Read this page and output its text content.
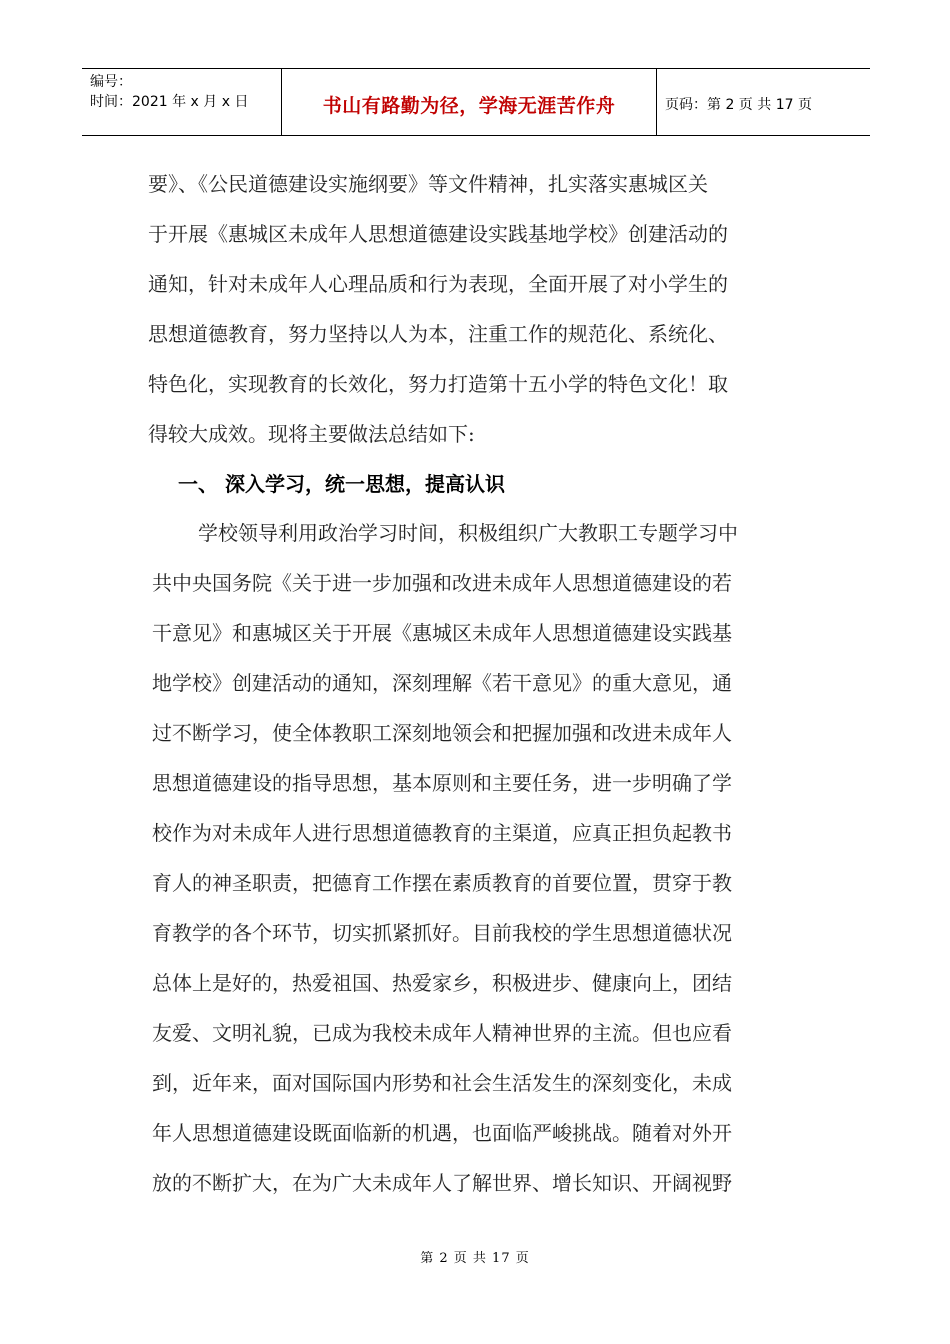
编号：
时间：2021 年 x 月 x 日	书山有路勤为径，学海无涯苦作舟	页码：第 2 页 共 17 页
要》、《公民道德建设实施纲要》等文件精神，扎实落实惠城区关
于开展《惠城区未成年人思想道德建设实践基地学校》创建活动的
通知，针对未成年人心理品质和行为表现，全面开展了对小学生的
思想道德教育，努力坚持以人为本，注重工作的规范化、系统化、
特色化，实现教育的长效化，努力打造第十五小学的特色文化！取
得较大成效。现将主要做法总结如下:
一、 深入学习，统一思想，提高认识
学校领导利用政治学习时间，积极组织广大教职工专题学习中
共中央国务院《关于进一步加强和改进未成年人思想道德建设的若
干意见》和惠城区关于开展《惠城区未成年人思想道德建设实践基
地学校》创建活动的通知，深刻理解《若干意见》的重大意见，通
过不断学习，使全体教职工深刻地领会和把握加强和改进未成年人
思想道德建设的指导思想，基本原则和主要任务，进一步明确了学
校作为对未成年人进行思想道德教育的主渠道，应真正担负起教书
育人的神圣职责，把德育工作摆在素质教育的首要位置，贯穿于教
育教学的各个环节，切实抓紧抓好。目前我校的学生思想道德状况
总体上是好的，热爱祖国、热爱家乡，积极进步、健康向上，团结
友爱、文明礼貌，已成为我校未成年人精神世界的主流。但也应看
到，近年来，面对国际国内形势和社会生活发生的深刻变化，未成
年人思想道德建设既面临新的机遇，也面临严峻挑战。随着对外开
放的不断扩大，在为广大未成年人了解世界、增长知识、开阔视野
第 2 页 共 17 页
